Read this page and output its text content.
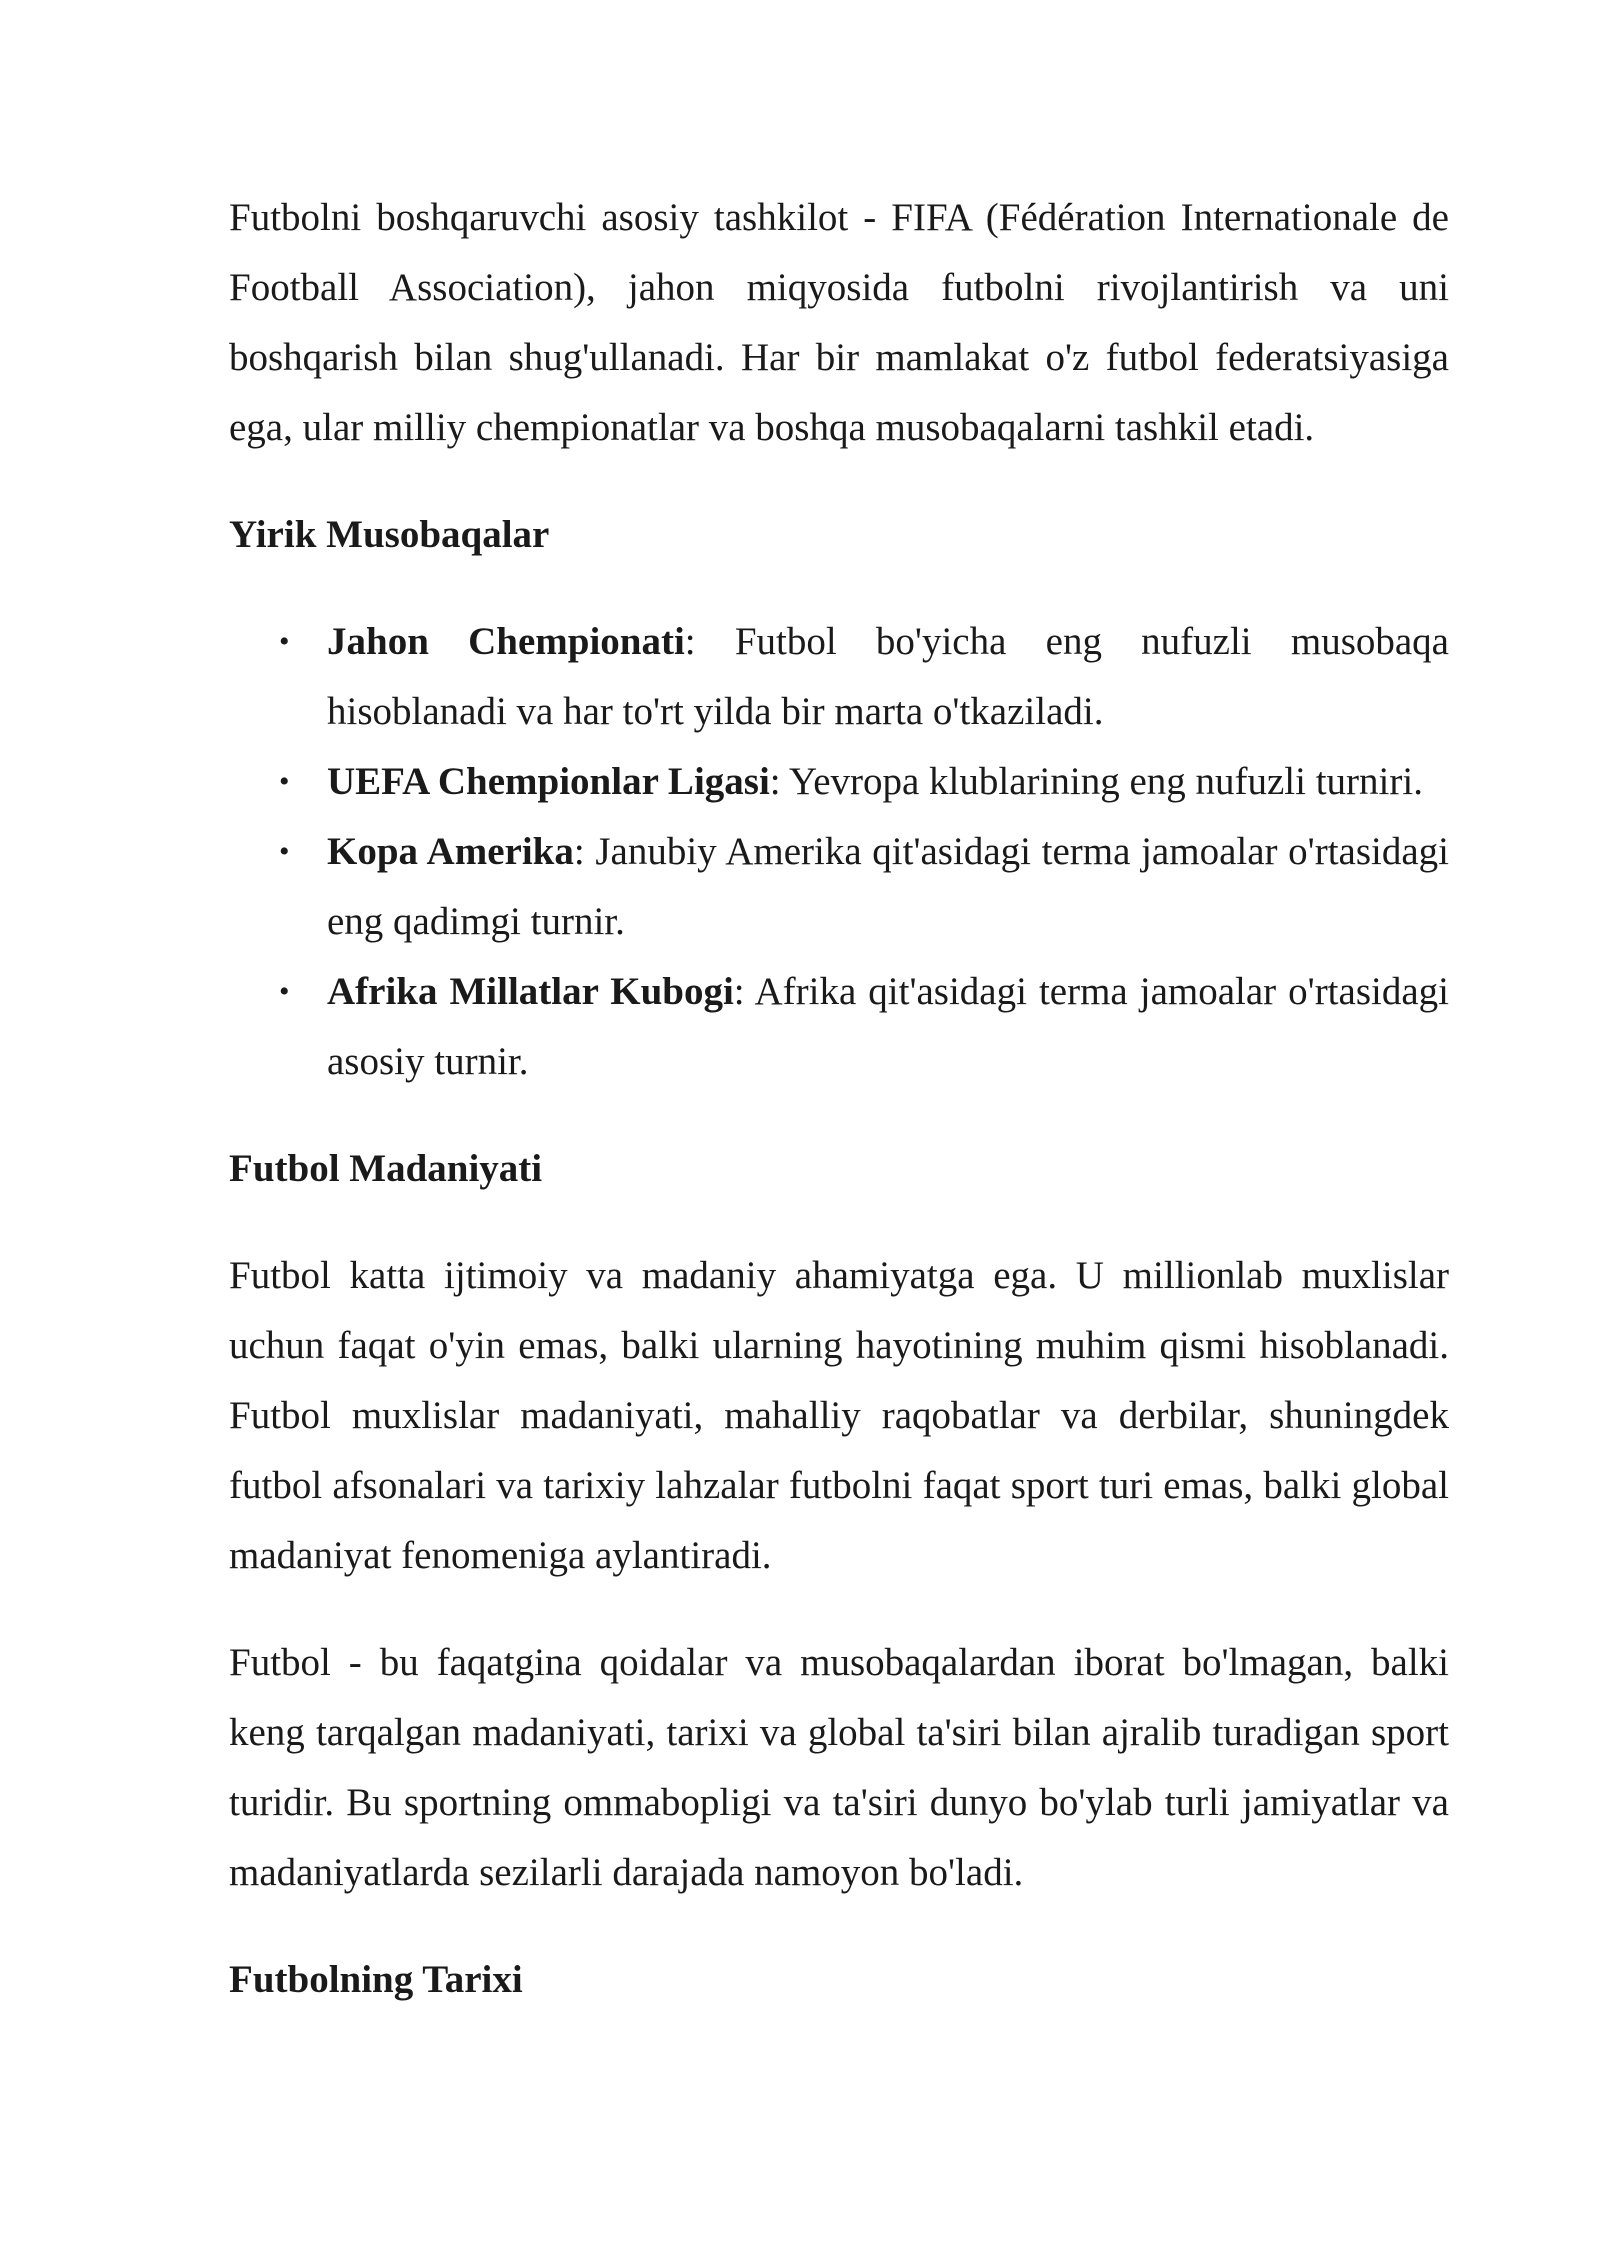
Futbolni boshqaruvchi asosiy tashkilot - FIFA (Fédération Internationale de Football Association), jahon miqyosida futbolni rivojlantirish va uni boshqarish bilan shug'ullanadi. Har bir mamlakat o'z futbol federatsiyasiga ega, ular milliy chempionatlar va boshqa musobaqalarni tashkil etadi.

Yirik Musobaqalar
• Jahon Chempionati: Futbol bo'yicha eng nufuzli musobaqa hisoblanadi va har to'rt yilda bir marta o'tkaziladi.
• UEFA Chempionlar Ligasi: Yevropa klublarining eng nufuzli turniri.
• Kopa Amerika: Janubiy Amerika qit'asidagi terma jamoalar o'rtasidagi eng qadimgi turnir.
• Afrika Millatlar Kubogi: Afrika qit'asidagi terma jamoalar o'rtasidagi asosiy turnir.
Futbol Madaniyati

Futbol katta ijtimoiy va madaniy ahamiyatga ega. U millionlab muxlislar uchun faqat o'yin emas, balki ularning hayotining muhim qismi hisoblanadi. Futbol muxlislar madaniyati, mahalliy raqobatlar va derbilar, shuningdek futbol afsonalari va tarixiy lahzalar futbolni faqat sport turi emas, balki global madaniyat fenomeniga aylantiradi.

Futbol - bu faqatgina qoidalar va musobaqalardan iborat bo'lmagan, balki keng tarqalgan madaniyati, tarixi va global ta'siri bilan ajralib turadigan sport turidir. Bu sportning ommabopligi va ta'siri dunyo bo'ylab turli jamiyatlar va madaniyatlarda sezilarli darajada namoyon bo'ladi.

Futbolning Tarixi
